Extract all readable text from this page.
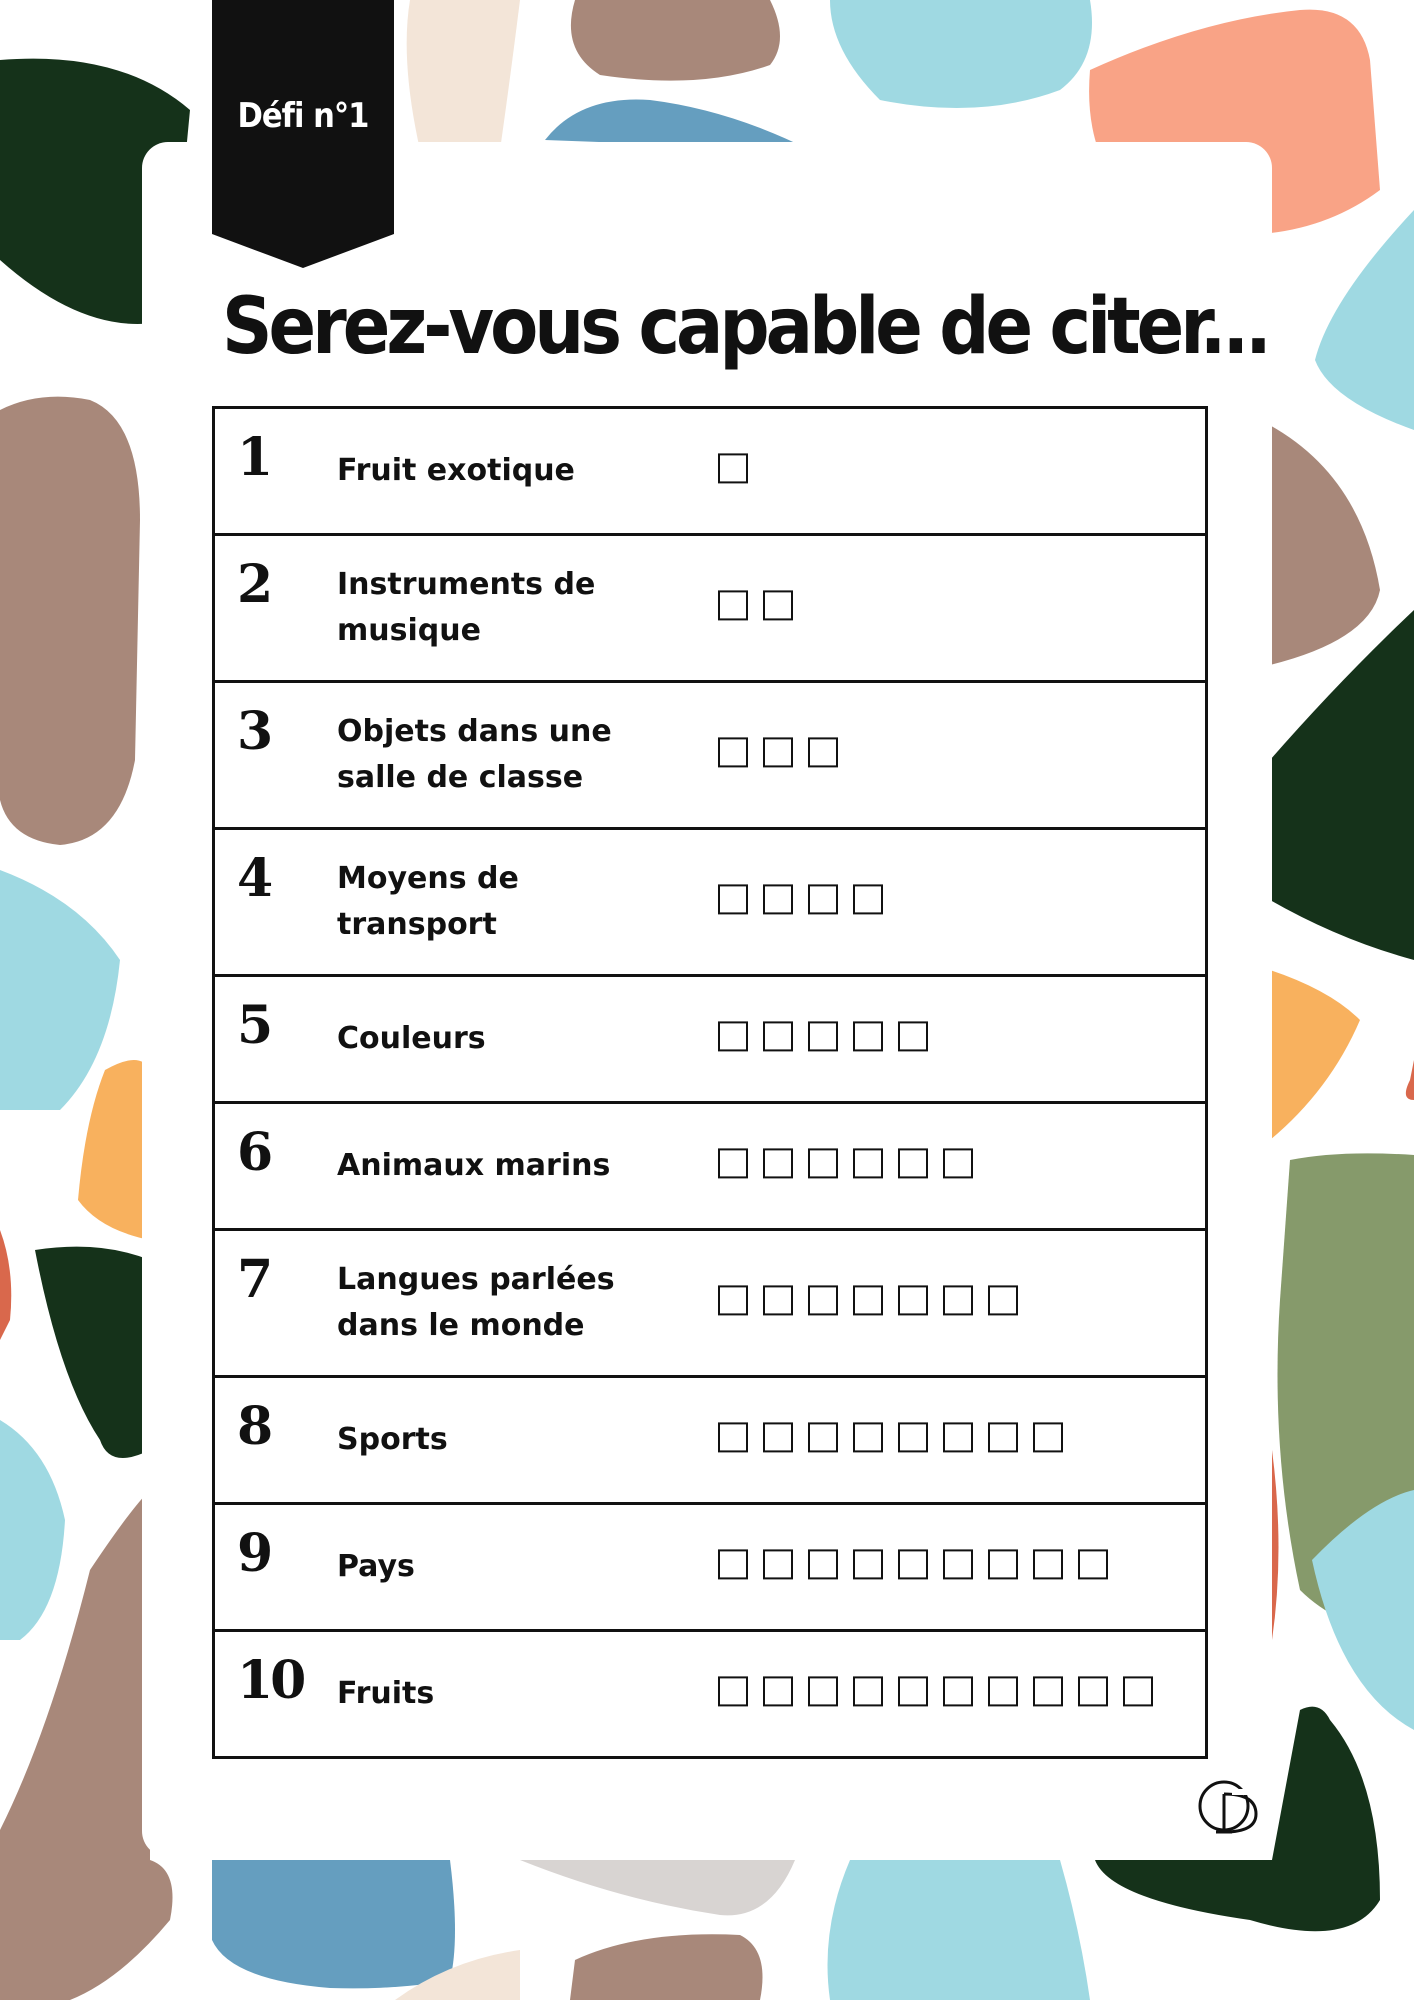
Défi n°1
Serez-vous capable de citer...
1 Fruit exotique
2 Instruments de musique
3 Objets dans une salle de classe
4 Moyens de transport
5 Couleurs
6 Animaux marins
7 Langues parlées dans le monde
8 Sports
9 Pays
10 Fruits
